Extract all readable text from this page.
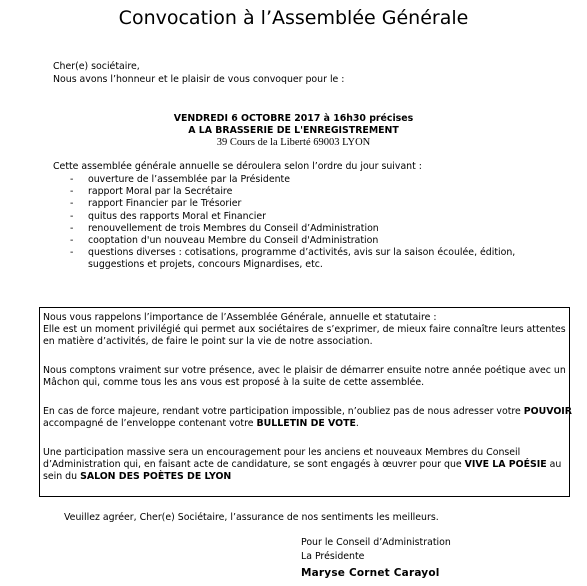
Convocation à l’Assemblée Générale
Cher(e) sociétaire,
Nous avons l’honneur et le plaisir de vous convoquer pour le :
VENDREDI 6 OCTOBRE 2017 à 16h30 précises
A LA BRASSERIE DE L'ENREGISTREMENT
39 Cours de la Liberté 69003 LYON
Cette assemblée générale annuelle se déroulera selon l’ordre du jour suivant :
- ouverture de l’assemblée par la Présidente
- rapport Moral par la Secrétaire
- rapport Financier par le Trésorier
- quitus des rapports Moral et Financier
- renouvellement de trois Membres du Conseil d’Administration
- cooptation d'un nouveau Membre du Conseil d'Administration
- questions diverses : cotisations, programme d’activités, avis sur la saison écoulée, édition,
suggestions et projets, concours Mignardises, etc.
Nous vous rappelons l’importance de l’Assemblée Générale, annuelle et statutaire :
Elle est un moment privilégié qui permet aux sociétaires de s’exprimer, de mieux faire connaître leurs attentes
en matière d’activités, de faire le point sur la vie de notre association.
Nous comptons vraiment sur votre présence, avec le plaisir de démarrer ensuite notre année poétique avec un
Mâchon qui, comme tous les ans vous est proposé à la suite de cette assemblée.
En cas de force majeure, rendant votre participation impossible, n’oubliez pas de nous adresser votre POUVOIR
accompagné de l’enveloppe contenant votre BULLETIN DE VOTE.
Une participation massive sera un encouragement pour les anciens et nouveaux Membres du Conseil
d’Administration qui, en faisant acte de candidature, se sont engagés à œuvrer pour que VIVE LA POÉSIE au
sein du SALON DES POÈTES DE LYON
Veuillez agréer, Cher(e) Sociétaire, l’assurance de nos sentiments les meilleurs.
Pour le Conseil d’Administration
La Présidente
Maryse Cornet Carayol
